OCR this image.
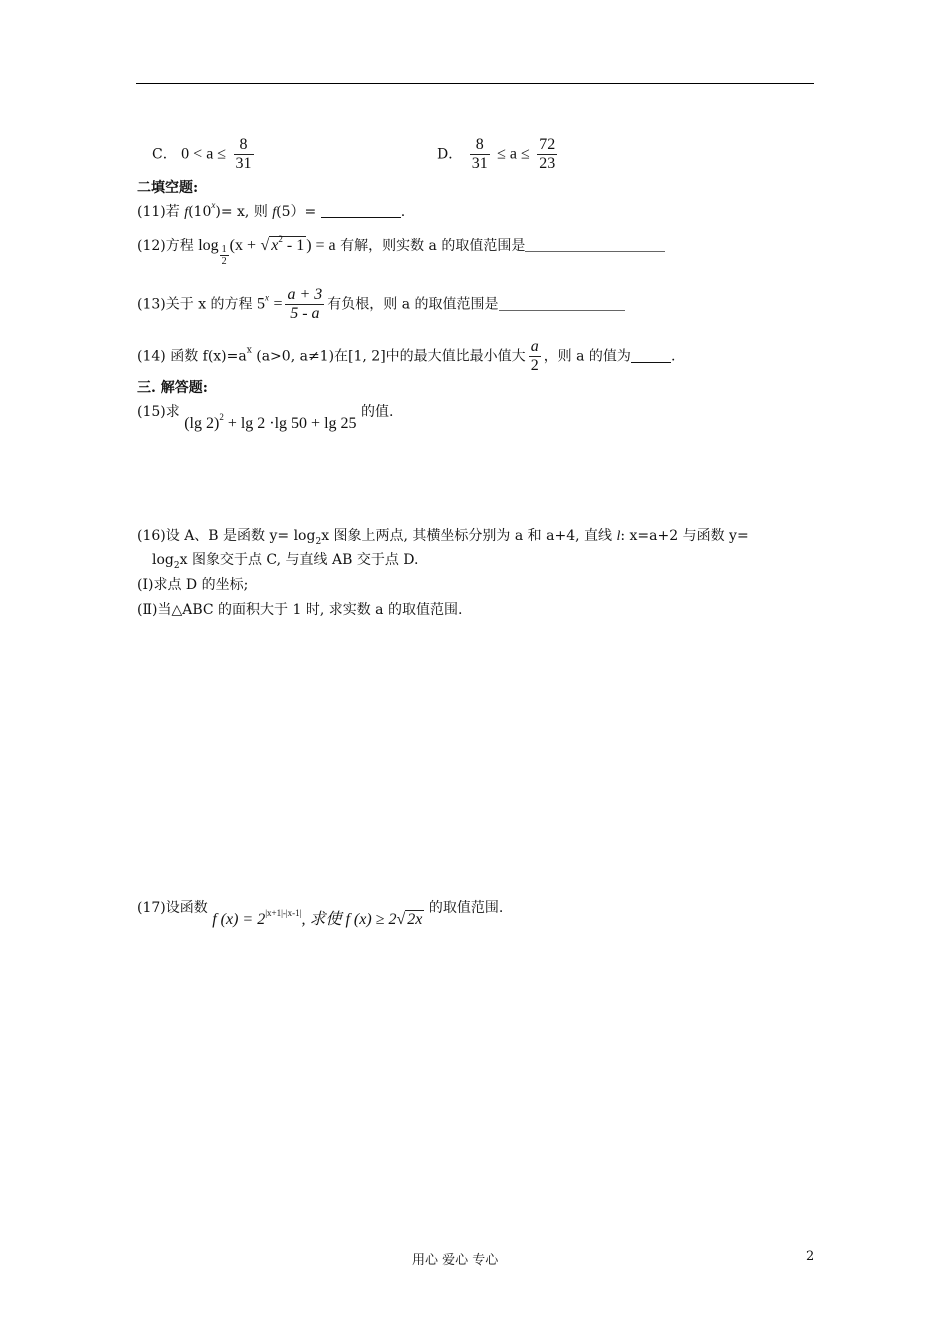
C． $0 < a \le \frac{8}{31}$	D． $\frac{8}{31} \le a \le \frac{72}{23}$
二填空题:
(11)若 $f(10^x)= x$, 则 f(5）=	.
(12)方程 $\log \frac{1}{2} (x$ + √ $x^2 - 1$ ) = a 有解，则实数 a 的取值范围是
(13)关于 x 的方程 $5^x = \frac{a + 3}{5 - a}$ 有负根，则 a 的取值范围是
(14) 函数 $f(x)=a^x$ (a>0, a≠1)在[1, 2]中的最大值比最小值大 $\frac{a}{2}$ ，则 a 的值为	.
三. 解答题:
(15)求 (lg 2)$^2$ + lg 2 ·lg 50 + lg 25 的值.
(16)设 A、B 是函数 $y= \log_2x$ 图象上两点, 其横坐标分别为 a 和 a+4, 直线 l: x=a+2 与函数 y=
$\log_2x$ 图象交于点 C, 与直线 AB 交于点 D.
(Ⅰ)求点 D 的坐标;
(Ⅱ)当△ABC 的面积大于 1 时, 求实数 a 的取值范围.
(17)设函数 f $(x) = 2^{|x+1|-|x-1|}$, 求使 f (x) ≥ 2√ 2x 的取值范围.
用心 爱心 专心	2
